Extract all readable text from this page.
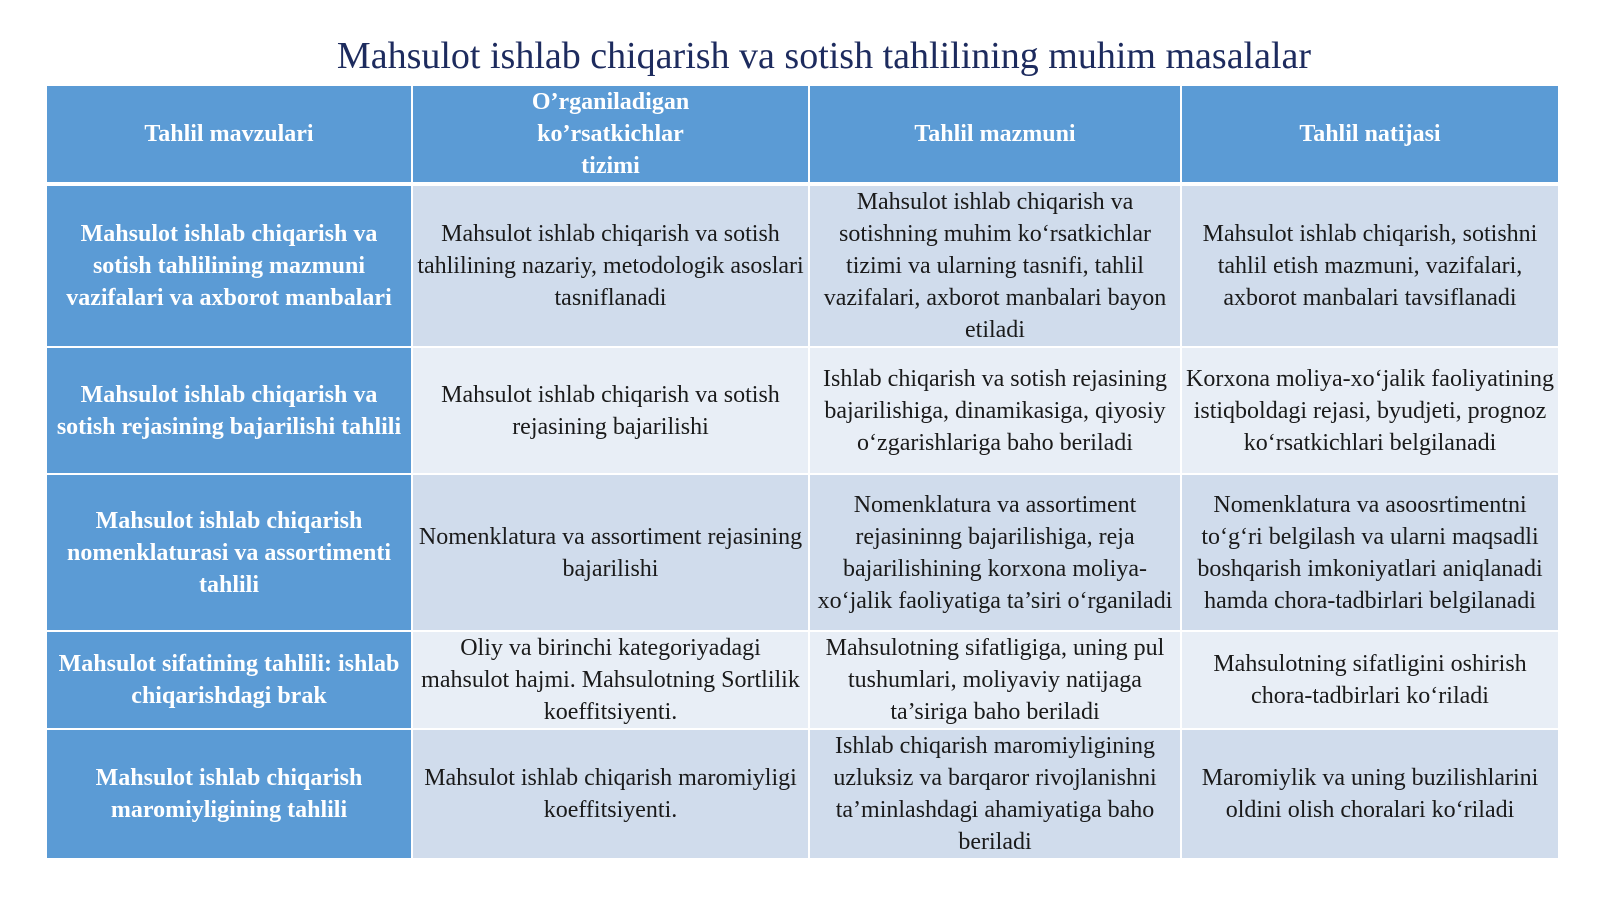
Mahsulot ishlab chiqarish va sotish tahlilining muhim masalalar
Tahlil mavzulari	O’rganiladigan ko’rsatkichlar tizimi	Tahlil mazmuni	Tahlil natijasi
Mahsulot ishlab chiqarish va sotish tahlilining mazmuni vazifalari va axborot manbalari	Mahsulot ishlab chiqarish va sotish tahlilining nazariy, metodologik asoslari tasniflanadi	Mahsulot ishlab chiqarish va sotishning muhim ko‘rsatkichlar tizimi va ularning tasnifi, tahlil vazifalari, axborot manbalari bayon etiladi	Mahsulot ishlab chiqarish, sotishni tahlil etish mazmuni, vazifalari, axborot manbalari tavsiflanadi
Mahsulot ishlab chiqarish va sotish rejasining bajarilishi tahlili	Mahsulot ishlab chiqarish va sotish rejasining bajarilishi	Ishlab chiqarish va sotish rejasining bajarilishiga, dinamikasiga, qiyosiy o‘zgarishlariga baho beriladi	Korxona moliya-xo‘jalik faoliyatining istiqboldagi rejasi, byudjeti, prognoz ko‘rsatkichlari belgilanadi
Mahsulot ishlab chiqarish nomenklaturasi va assortimenti tahlili	Nomenklatura va assortiment rejasining bajarilishi	Nomenklatura va assortiment rejasininng bajarilishiga, reja bajarilishining korxona moliya-xo‘jalik faoliyatiga ta’siri o‘rganiladi	Nomenklatura va asoosrtimentni to‘g‘ri belgilash va ularni maqsadli boshqarish imkoniyatlari aniqlanadi hamda chora-tadbirlari belgilanadi
Mahsulot sifatining tahlili: ishlab chiqarishdagi brak	Oliy va birinchi kategoriyadagi mahsulot hajmi. Mahsulotning Sortlilik koeffitsiyenti.	Mahsulotning sifatligiga, uning pul tushumlari, moliyaviy natijaga ta’siriga baho beriladi	Mahsulotning sifatligini oshirish chora-tadbirlari ko‘riladi
Mahsulot ishlab chiqarish maromiyligining tahlili	Mahsulot ishlab chiqarish maromiyligi koeffitsiyenti.	Ishlab chiqarish maromiyligining uzluksiz va barqaror rivojlanishni ta’minlashdagi ahamiyatiga baho beriladi	Maromiylik va uning buzilishlarini oldini olish choralari ko‘riladi
